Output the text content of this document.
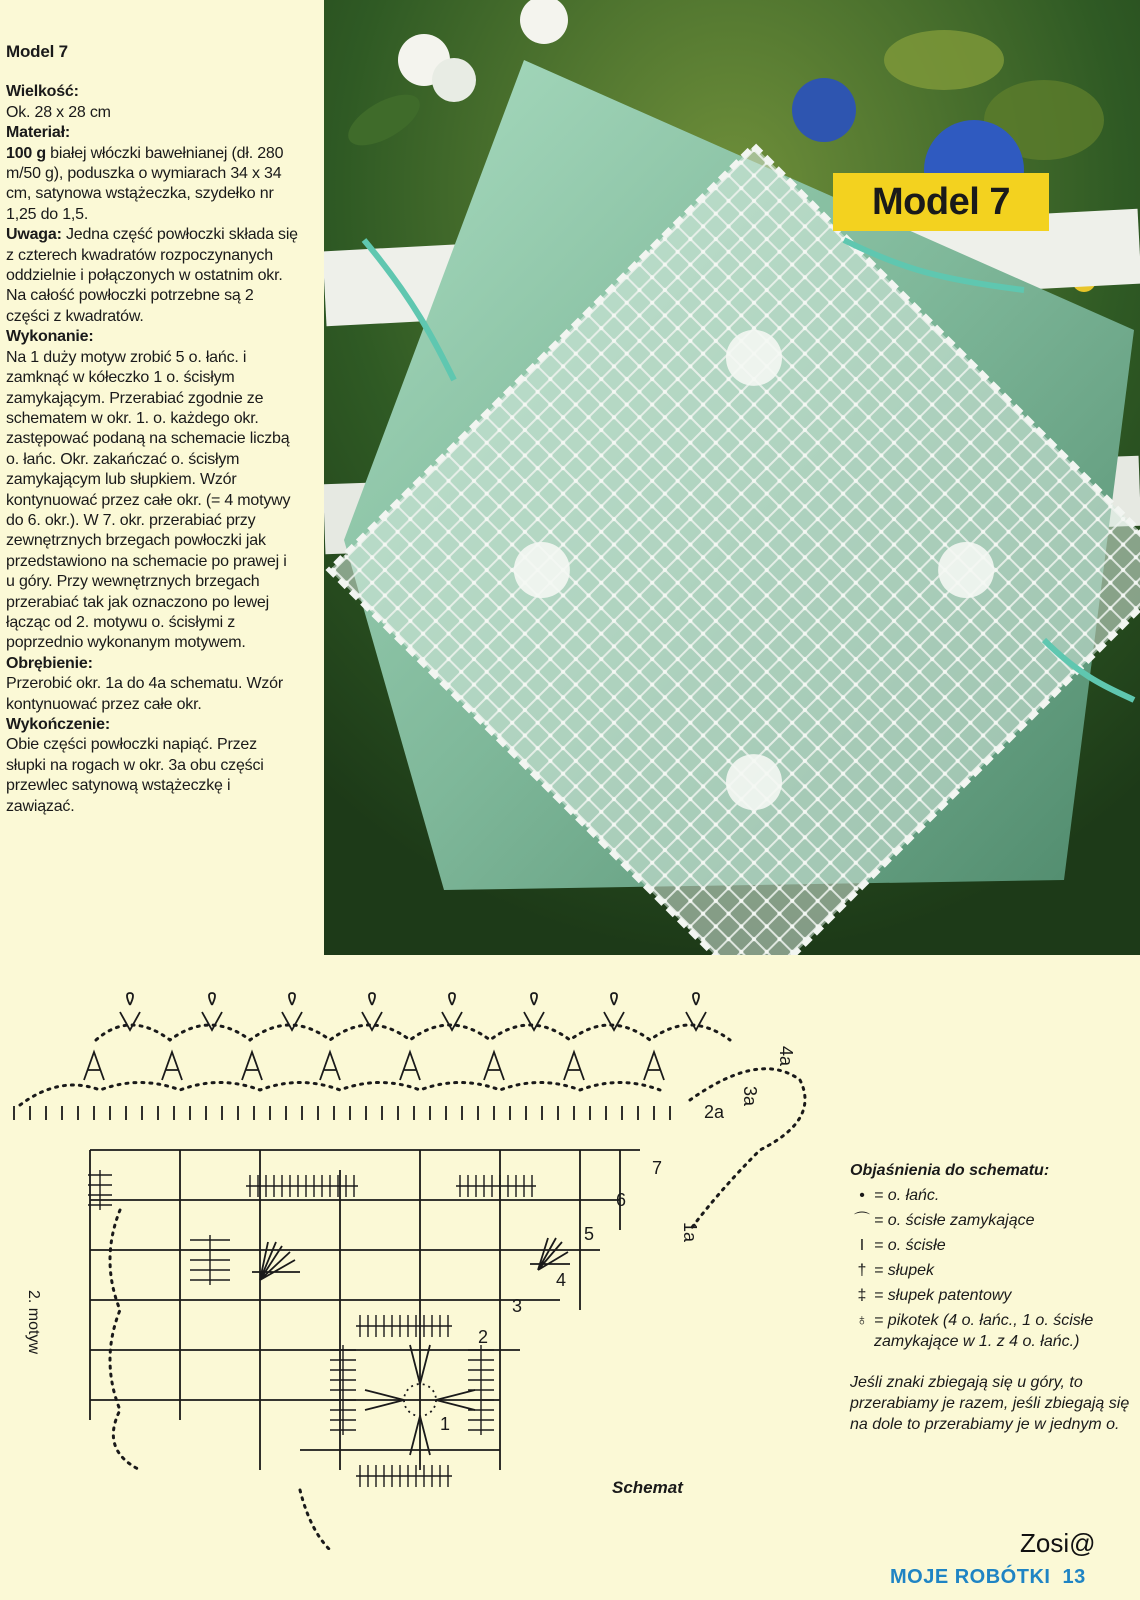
Model 7

Wielkość:

Ok. 28 x 28 cm

Materiał:

100 g białej włóczki bawełnianej (dł. 280 m/50 g), poduszka o wymiarach 34 x 34 cm, satynowa wstążeczka, szydełko nr 1,25 do 1,5.

Uwaga: Jedna część powłoczki składa się z czterech kwadratów rozpoczynanych oddzielnie i połączonych w ostatnim okr. Na całość powłoczki potrzebne są 2 części z kwadratów.

Wykonanie:

Na 1 duży motyw zrobić 5 o. łańc. i zamknąć w kółeczko 1 o. ścisłym zamykającym. Przerabiać zgodnie ze schematem w okr. 1. o. każdego okr. zastępować podaną na schemacie liczbą o. łańc. Okr. zakańczać o. ścisłym zamykającym lub słupkiem. Wzór kontynuować przez całe okr. (= 4 motywy do 6. okr.). W 7. okr. przerabiać przy zewnętrznych brzegach powłoczki jak przedstawiono na schemacie po prawej i u góry. Przy wewnętrznych brzegach przerabiać tak jak oznaczono po lewej łącząc od 2. motywu o. ścisłymi z poprzednio wykonanym motywem.

Obrębienie:

Przerobić okr. 1a do 4a schematu. Wzór kontynuować przez całe okr.

Wykończenie:

Obie części powłoczki napiąć. Przez słupki na rogach w okr. 3a obu części przewlec satynową wstążeczkę i zawiązać.

Model 7
1
2
3
4
5
6
7
1a
2a
3a
4a
2. motyw
Schemat
Objaśnienia do schematu:
• = o. łańc.
⌒ = o. ścisłe zamykające
I = o. ścisłe
† = słupek
‡ = słupek patentowy
♁ = pikotek (4 o. łańc., 1 o. ścisłe zamykające w 1. z 4 o. łańc.)
Jeśli znaki zbiegają się u góry, to przerabiamy je razem, jeśli zbiegają się na dole to przerabiamy je w jednym o.
Zosi@
MOJE ROBÓTKI 13
